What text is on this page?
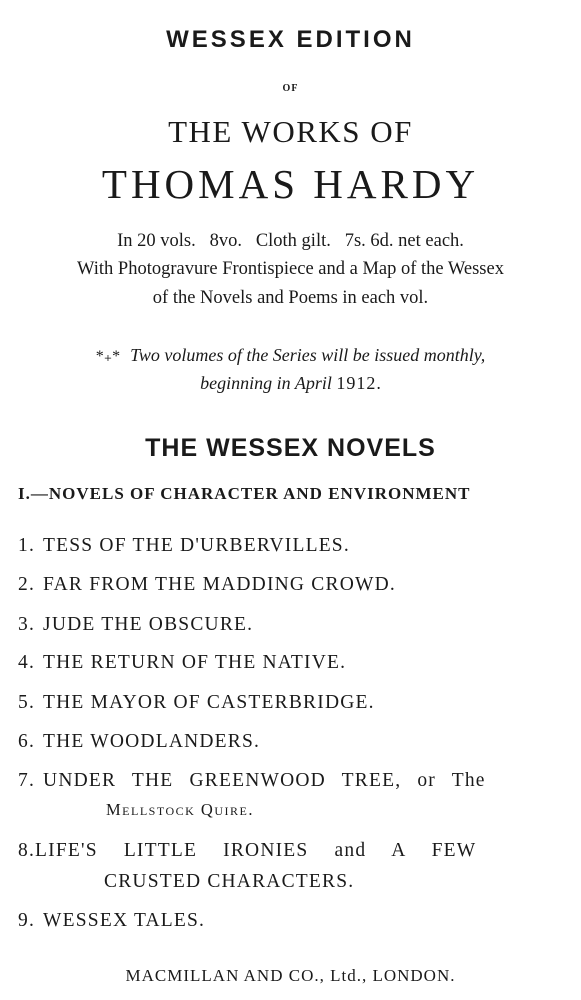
WESSEX EDITION
OF
THE WORKS OF
THOMAS HARDY
In 20 vols.   8vo.   Cloth gilt.   7s. 6d. net each.
With Photogravure Frontispiece and a Map of the Wessex
of the Novels and Poems in each vol.
*₊* Two volumes of the Series will be issued monthly,
beginning in April 1912.
THE WESSEX NOVELS
I.—NOVELS OF CHARACTER AND ENVIRONMENT
1. TESS OF THE D'URBERVILLES.
2. FAR FROM THE MADDING CROWD.
3. JUDE THE OBSCURE.
4. THE RETURN OF THE NATIVE.
5. THE MAYOR OF CASTERBRIDGE.
6. THE WOODLANDERS.
7. UNDER THE GREENWOOD TREE, or The
Mellstock Quire.
8.LIFE'S LITTLE IRONIES and A FEW
CRUSTED CHARACTERS.
9. WESSEX TALES.
MACMILLAN AND CO., Ltd., LONDON.
